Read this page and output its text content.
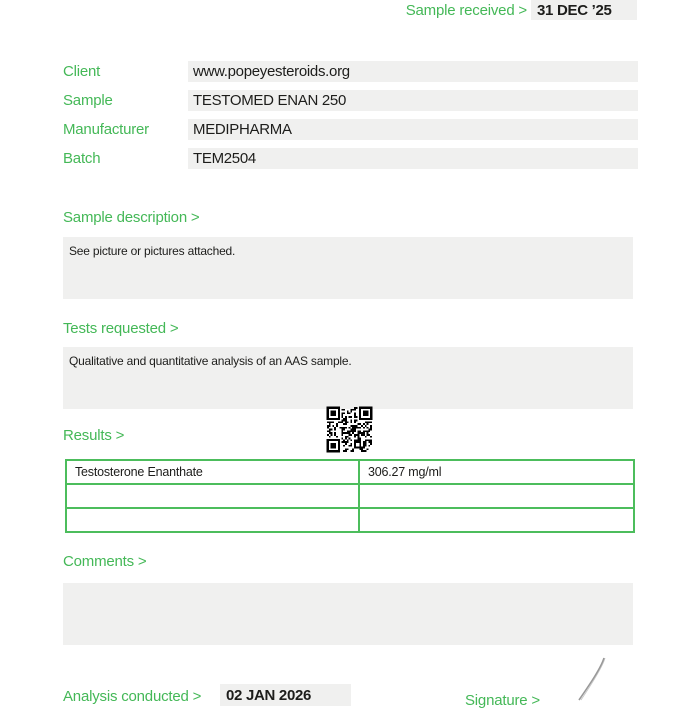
Sample received > 31 DEC ’25
Client	www.popeyesteroids.org
Sample	TESTOMED ENAN 250
Manufacturer	MEDIPHARMA
Batch	TEM2504
Sample description >
See picture or pictures attached.
Tests requested >
Qualitative and quantitative analysis of an AAS sample.
Results >
Testosterone Enanthate	306.27 mg/ml

Comments >
Analysis conducted >	02 JAN 2026	Signature >
